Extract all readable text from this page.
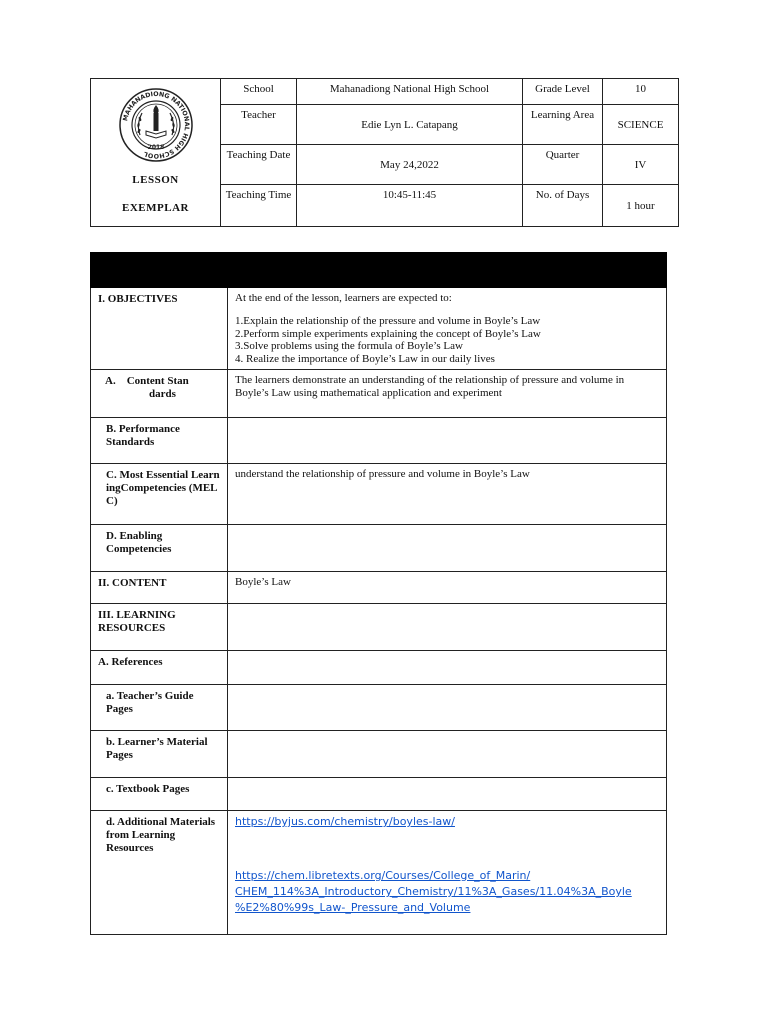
MAHANADIONG NATIONAL HIGH SCHOOL
2018
LESSON
EXEMPLAR	School	Mahanadiong National High School	Grade Level	10
	Teacher	Edie Lyn L. Catapang	Learning Area	SCIENCE
	Teaching Date	May 24,2022	Quarter	IV
	Teaching Time	10:45-11:45	No. of Days	1 hour

I. OBJECTIVES	At the end of the lesson, learners are expected to:
1.Explain the relationship of the pressure and volume in Boyle’s Law
2.Perform simple experiments explaining the concept of Boyle’s Law
3.Solve problems using the formula of Boyle’s Law
4. Realize the importance of Boyle’s Law in our daily lives

A.    Content Stan
dards	The learners demonstrate an understanding of the relationship of pressure and volume in Boyle’s Law using mathematical application and experiment

B. Performance Standards	

C. Most Essential LearningCompetencies (MELC)	understand the relationship of pressure and volume in Boyle’s Law

D. Enabling Competencies	

II. CONTENT	Boyle’s Law
III. LEARNING RESOURCES	
A. References	

a. Teacher’s Guide Pages	

b. Learner’s Material Pages	

c. Textbook Pages	

d. Additional Materials from Learning Resources	https://byjus.com/chemistry/boyles-law/
https://chem.libretexts.org/Courses/College_of_Marin/
CHEM_114%3A_Introductory_Chemistry/11%3A_Gases/11.04%3A_Boyle
%E2%80%99s_Law-_Pressure_and_Volume
